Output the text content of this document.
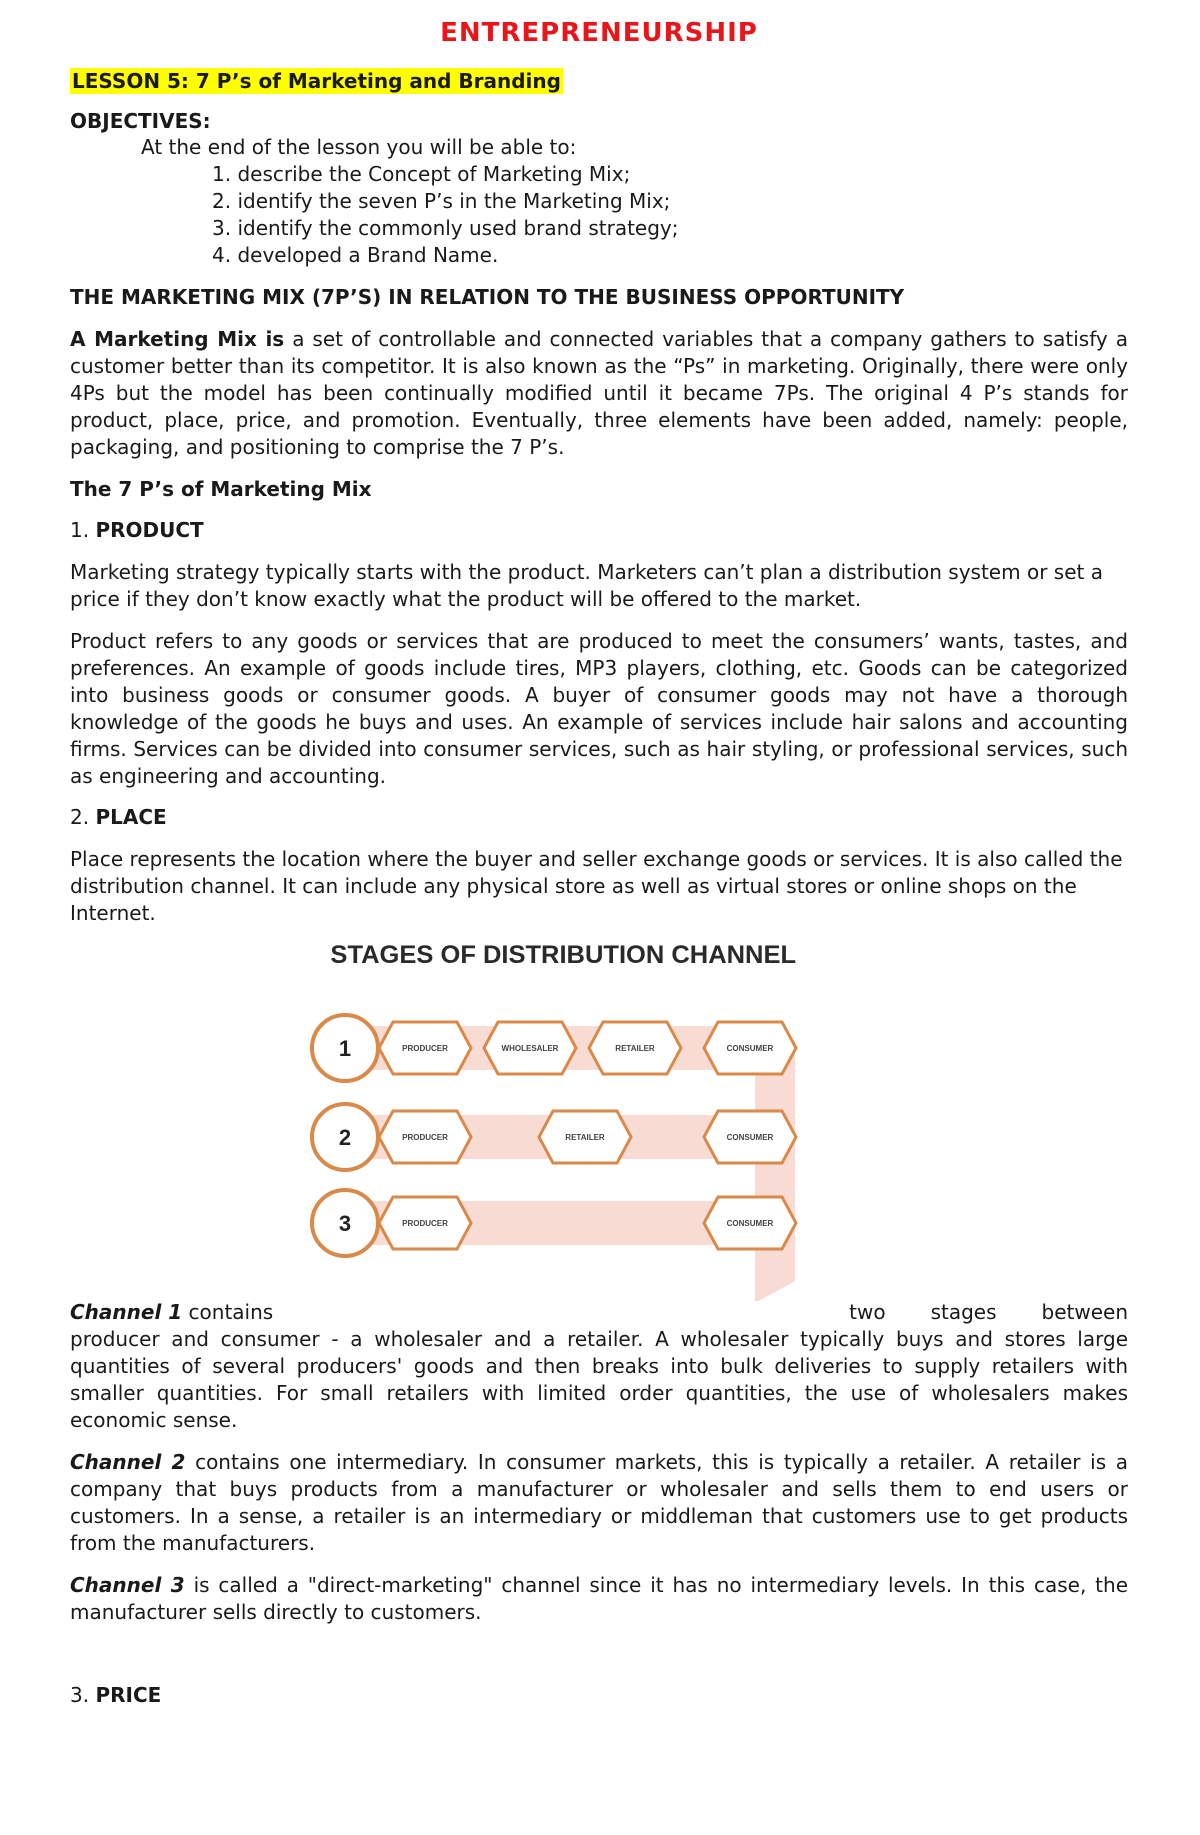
ENTREPRENEURSHIP
LESSON 5: 7 P’s of Marketing and Branding
OBJECTIVES:
At the end of the lesson you will be able to:
1. describe the Concept of Marketing Mix;
2. identify the seven P’s in the Marketing Mix;
3. identify the commonly used brand strategy;
4. developed a Brand Name.
THE MARKETING MIX (7P’S) IN RELATION TO THE BUSINESS OPPORTUNITY

A Marketing Mix is a set of controllable and connected variables that a company gathers to satisfy a customer better than its competitor. It is also known as the “Ps” in marketing. Originally, there were only 4Ps but the model has been continually modified until it became 7Ps. The original 4 P’s stands for product, place, price, and promotion. Eventually, three elements have been added, namely: people, packaging, and positioning to comprise the 7 P’s.

The 7 P’s of Marketing Mix
1. PRODUCT

Marketing strategy typically starts with the product. Marketers can’t plan a distribution system or set a price if they don’t know exactly what the product will be offered to the market.

Product refers to any goods or services that are produced to meet the consumers’ wants, tastes, and preferences. An example of goods include tires, MP3 players, clothing, etc. Goods can be categorized into business goods or consumer goods. A buyer of consumer goods may not have a thorough knowledge of the goods he buys and uses. An example of services include hair salons and accounting firms. Services can be divided into consumer services, such as hair styling, or professional services, such as engineering and accounting.

2. PLACE

Place represents the location where the buyer and seller exchange goods or services. It is also called the distribution channel. It can include any physical store as well as virtual stores or online shops on the Internet.

STAGES OF DISTRIBUTION CHANNEL
1	PRODUCER	WHOLESALER	RETAILER	CONSUMER
2	PRODUCER	RETAILER	CONSUMER
3	PRODUCER	CONSUMER
Channel 1 contains	two stages between

producer and consumer - a wholesaler and a retailer. A wholesaler typically buys and stores large quantities of several producers' goods and then breaks into bulk deliveries to supply retailers with smaller quantities. For small retailers with limited order quantities, the use of wholesalers makes economic sense.

Channel 2 contains one intermediary. In consumer markets, this is typically a retailer. A retailer is a company that buys products from a manufacturer or wholesaler and sells them to end users or customers. In a sense, a retailer is an intermediary or middleman that customers use to get products from the manufacturers.

Channel 3 is called a "direct-marketing" channel since it has no intermediary levels. In this case, the manufacturer sells directly to customers.

3. PRICE
